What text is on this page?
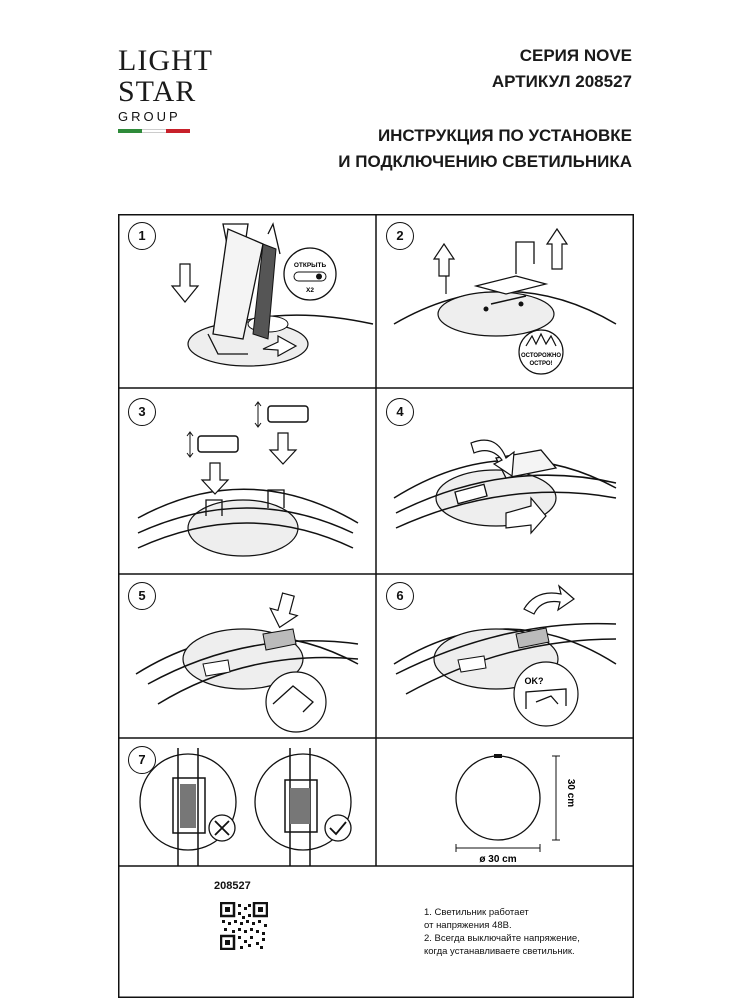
LIGHT
STAR
GROUP
СЕРИЯ NOVE
АРТИКУЛ 208527
ИНСТРУКЦИЯ ПО УСТАНОВКЕ
И ПОДКЛЮЧЕНИЮ СВЕТИЛЬНИКА
1
ОТКРЫТЬ
X2
2
ОСТОРОЖНО
ОСТРО!
3	4
5	6
OK?
7
30 cm
ø 30 cm
208527
1. Светильник работает
от напряжения 48В.
2. Всегда выключайте напряжение,
когда устанавливаете светильник.
